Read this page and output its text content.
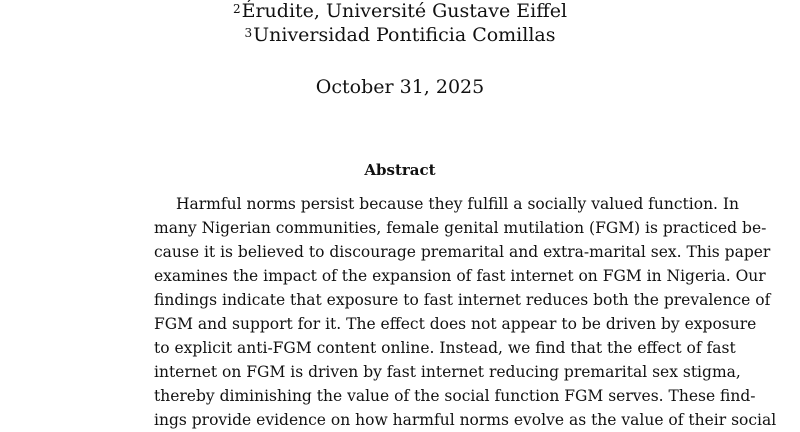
$^2$Érudite, Université Gustave Eiffel
$^3$Universidad Pontificia Comillas
October 31, 2025
Abstract
Harmful norms persist because they fulfill a socially valued function. In
many Nigerian communities, female genital mutilation (FGM) is practiced be-
cause it is believed to discourage premarital and extra-marital sex. This paper
examines the impact of the expansion of fast internet on FGM in Nigeria. Our
findings indicate that exposure to fast internet reduces both the prevalence of
FGM and support for it. The effect does not appear to be driven by exposure
to explicit anti-FGM content online. Instead, we find that the effect of fast
internet on FGM is driven by fast internet reducing premarital sex stigma,
thereby diminishing the value of the social function FGM serves. These find-
ings provide evidence on how harmful norms evolve as the value of their social
